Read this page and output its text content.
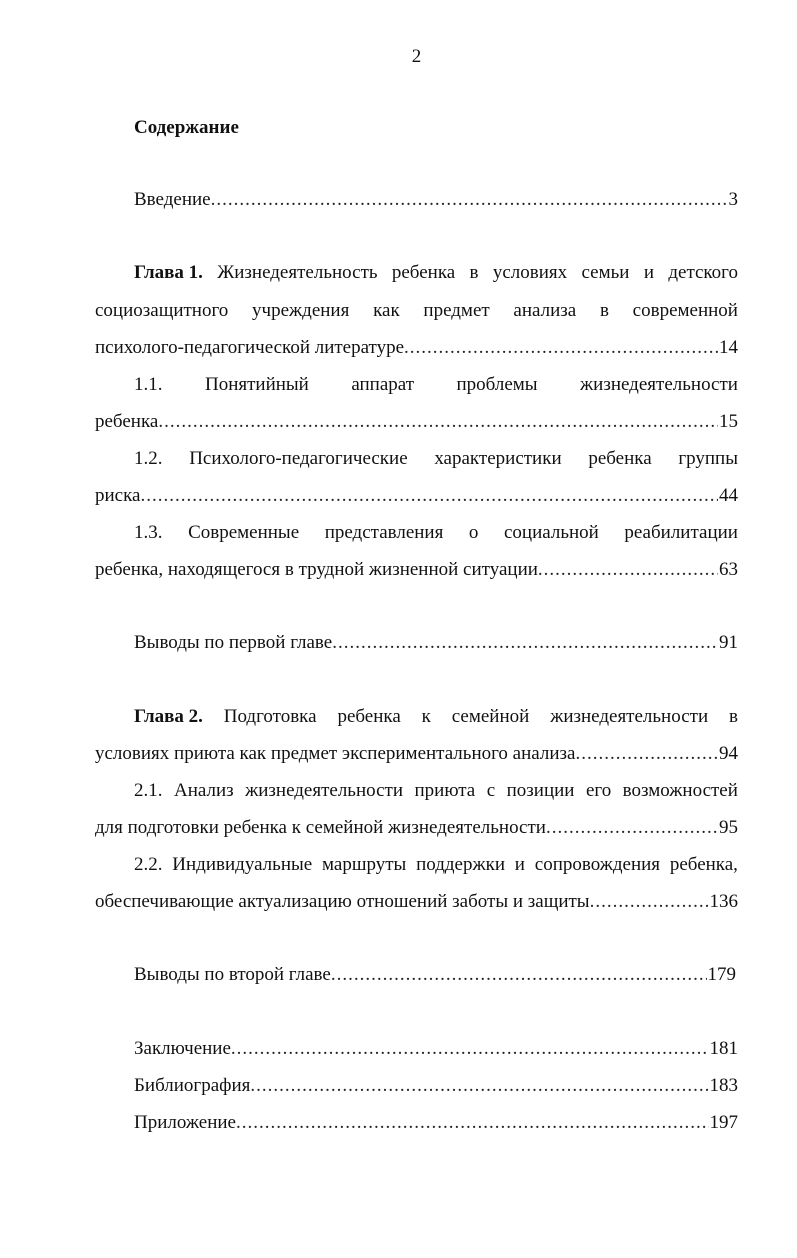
2
Содержание
Введение .....	3
Глава 1. Жизнедеятельность ребенка в условиях семьи и детского
социозащитного учреждения как предмет анализа в современной
психолого-педагогической литературе .....	14
1.1. Понятийный аппарат проблемы жизнедеятельности
ребенка .....	15
1.2. Психолого-педагогические характеристики ребенка группы
риска .....	44
1.3. Современные представления о социальной реабилитации
ребенка, находящегося в трудной жизненной ситуации .....	63
Выводы по первой главе .....	91
Глава 2. Подготовка ребенка к семейной жизнедеятельности в
условиях приюта как предмет экспериментального анализа .....	94
2.1. Анализ жизнедеятельности приюта с позиции его возможностей
для подготовки ребенка к семейной жизнедеятельности .....	95
2.2. Индивидуальные маршруты поддержки и сопровождения ребенка,
обеспечивающие актуализацию отношений заботы и защиты .....	136
Выводы по второй главе .....	179
Заключение .....	181
Библиография .....	183
Приложение .....	197
